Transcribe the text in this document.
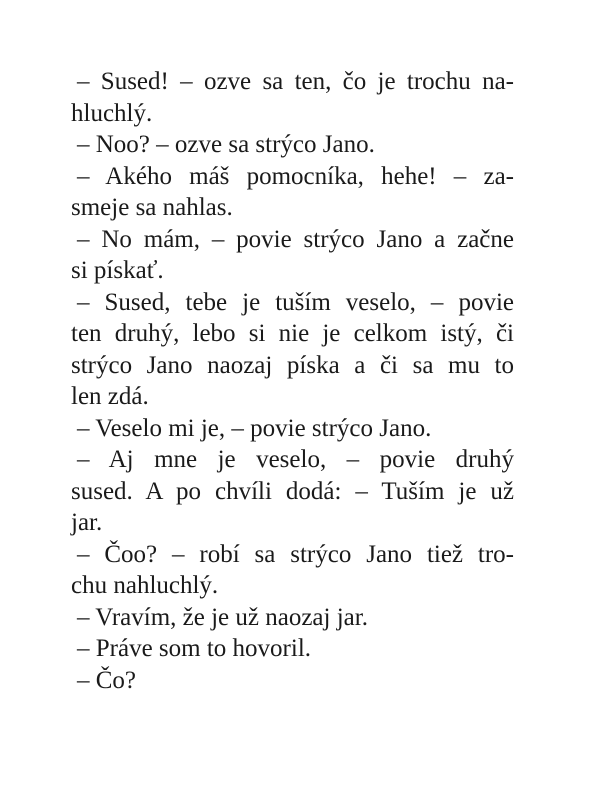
– Sused! – ozve sa ten, čo je trochu na-
hluchlý.
– Noo? – ozve sa strýco Jano.
– Akého máš pomocníka, hehe! – za-
smeje sa nahlas.
– No mám, – povie strýco Jano a začne
si pískať.
– Sused, tebe je tuším veselo, – povie
ten druhý, lebo si nie je celkom istý, či
strýco Jano naozaj píska a či sa mu to
len zdá.
– Veselo mi je, – povie strýco Jano.
– Aj mne je veselo, – povie druhý
sused. A po chvíli dodá: – Tuším je už
jar.
– Čoo? – robí sa strýco Jano tiež tro-
chu nahluchlý.
– Vravím, že je už naozaj jar.
– Práve som to hovoril.
– Čo?
